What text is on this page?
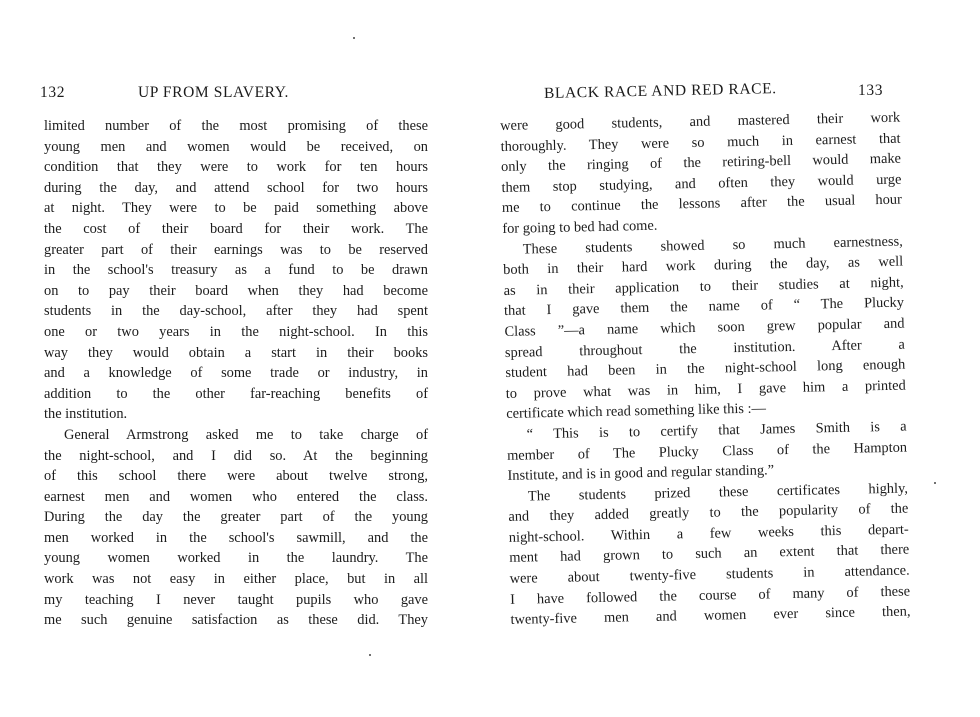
132	UP FROM SLAVERY.
limited number of the most promising of these
young men and women would be received, on
condition that they were to work for ten hours
during the day, and attend school for two hours
at night. They were to be paid something above
the cost of their board for their work. The
greater part of their earnings was to be reserved
in the school's treasury as a fund to be drawn
on to pay their board when they had become
students in the day-school, after they had spent
one or two years in the night-school. In this
way they would obtain a start in their books
and a knowledge of some trade or industry, in
addition to the other far-reaching benefits of
the institution.
General Armstrong asked me to take charge of
the night-school, and I did so. At the beginning
of this school there were about twelve strong,
earnest men and women who entered the class.
During the day the greater part of the young
men worked in the school's sawmill, and the
young women worked in the laundry. The
work was not easy in either place, but in all
my teaching I never taught pupils who gave
me such genuine satisfaction as these did. They
BLACK RACE AND RED RACE.	133
were good students, and mastered their work
thoroughly. They were so much in earnest that
only the ringing of the retiring-bell would make
them stop studying, and often they would urge
me to continue the lessons after the usual hour
for going to bed had come.
These students showed so much earnestness,
both in their hard work during the day, as well
as in their application to their studies at night,
that I gave them the name of “ The Plucky
Class ”—a name which soon grew popular and
spread throughout the institution. After a
student had been in the night-school long enough
to prove what was in him, I gave him a printed
certificate which read something like this :—
“ This is to certify that James Smith is a
member of The Plucky Class of the Hampton
Institute, and is in good and regular standing.”
The students prized these certificates highly,
and they added greatly to the popularity of the
night-school. Within a few weeks this depart-
ment had grown to such an extent that there
were about twenty-five students in attendance.
I have followed the course of many of these
twenty-five men and women ever since then,
